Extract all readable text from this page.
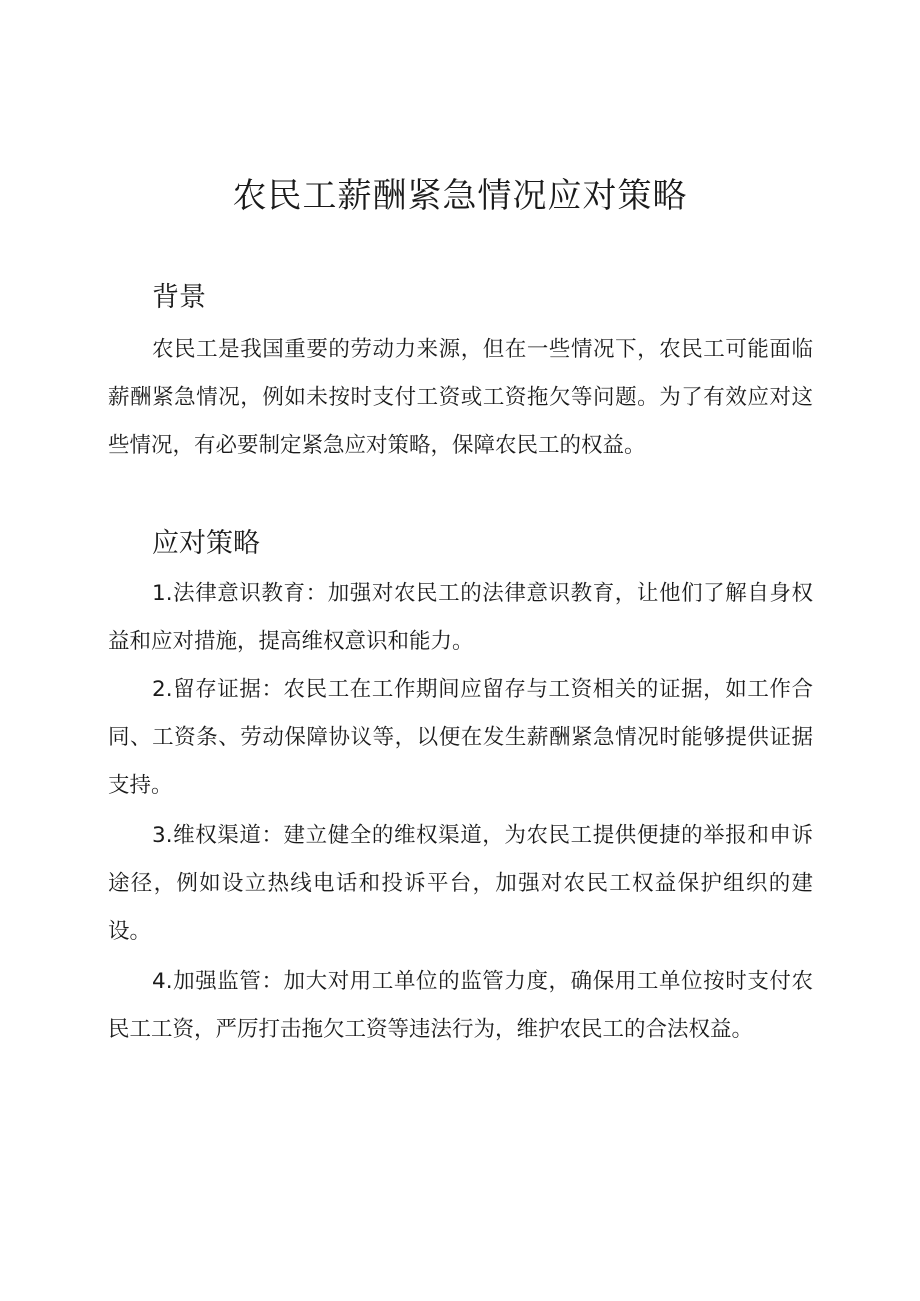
农民工薪酬紧急情况应对策略
背景

农民工是我国重要的劳动力来源，但在一些情况下，农民工可能面临薪酬紧急情况，例如未按时支付工资或工资拖欠等问题。为了有效应对这些情况，有必要制定紧急应对策略，保障农民工的权益。

应对策略

1.法律意识教育：加强对农民工的法律意识教育，让他们了解自身权益和应对措施，提高维权意识和能力。

2.留存证据：农民工在工作期间应留存与工资相关的证据，如工作合同、工资条、劳动保障协议等，以便在发生薪酬紧急情况时能够提供证据支持。

3.维权渠道：建立健全的维权渠道，为农民工提供便捷的举报和申诉途径，例如设立热线电话和投诉平台，加强对农民工权益保护组织的建设。

4.加强监管：加大对用工单位的监管力度，确保用工单位按时支付农民工工资，严厉打击拖欠工资等违法行为，维护农民工的合法权益。
